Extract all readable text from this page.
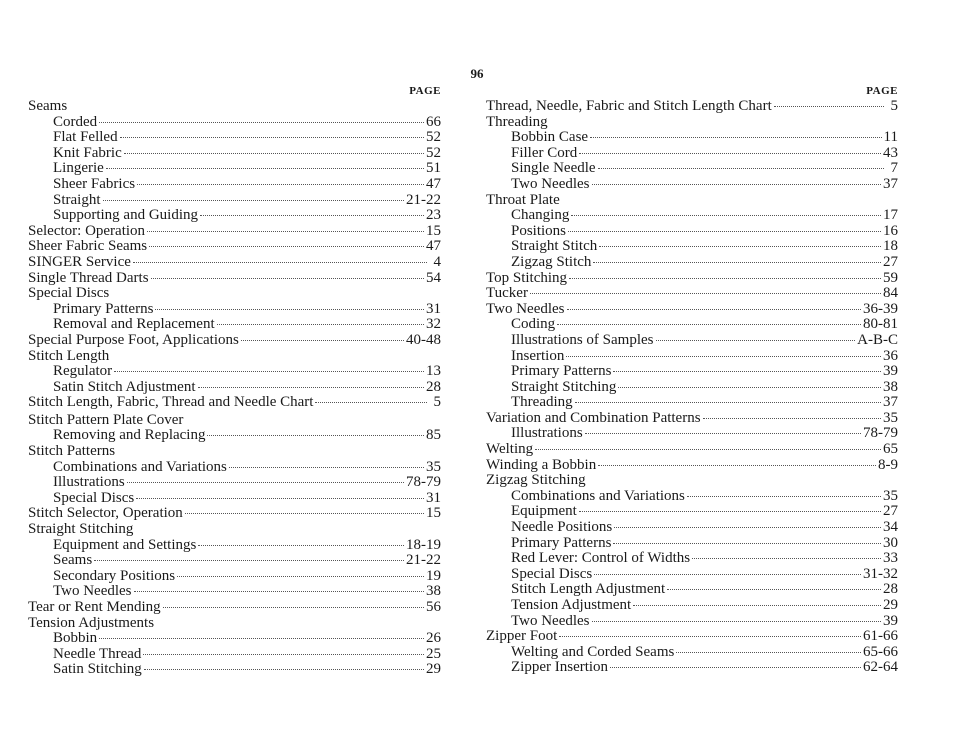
96
PAGE
Seams
Corded	66
Flat Felled	52
Knit Fabric	52
Lingerie	51
Sheer Fabrics	47
Straight	21-22
Supporting and Guiding	23
Selector: Operation	15
Sheer Fabric Seams	47
SINGER Service	4
Single Thread Darts	54
Special Discs
Primary Patterns	31
Removal and Replacement	32
Special Purpose Foot, Applications	40-48
Stitch Length
Regulator	13
Satin Stitch Adjustment	28
Stitch Length, Fabric, Thread and Needle Chart	5
Stitch Pattern Plate Cover
Removing and Replacing	85
Stitch Patterns
Combinations and Variations	35
Illustrations	78-79
Special Discs	31
Stitch Selector, Operation	15
Straight Stitching
Equipment and Settings	18-19
Seams	21-22
Secondary Positions	19
Two Needles	38
Tear or Rent Mending	56
Tension Adjustments
Bobbin	26
Needle Thread	25
Satin Stitching	29
PAGE
Thread, Needle, Fabric and Stitch Length Chart	5
Threading
Bobbin Case	11
Filler Cord	43
Single Needle	7
Two Needles	37
Throat Plate
Changing	17
Positions	16
Straight Stitch	18
Zigzag Stitch	27
Top Stitching	59
Tucker	84
Two Needles	36-39
Coding	80-81
Illustrations of Samples	A-B-C
Insertion	36
Primary Patterns	39
Straight Stitching	38
Threading	37
Variation and Combination Patterns	35
Illustrations	78-79
Welting	65
Winding a Bobbin	8-9
Zigzag Stitching
Combinations and Variations	35
Equipment	27
Needle Positions	34
Primary Patterns	30
Red Lever: Control of Widths	33
Special Discs	31-32
Stitch Length Adjustment	28
Tension Adjustment	29
Two Needles	39
Zipper Foot	61-66
Welting and Corded Seams	65-66
Zipper Insertion	62-64
